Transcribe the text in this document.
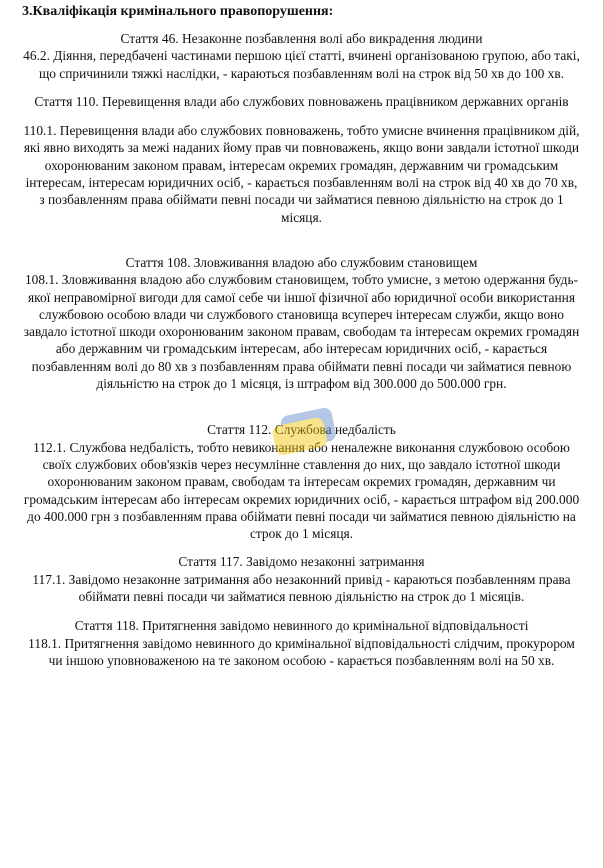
3.Кваліфікація кримінального правопорушення:
Стаття 46. Незаконне позбавлення волі або викрадення людини
46.2. Діяння, передбачені частинами першою цієї статті, вчинені організованою групою, або такі, що спричинили тяжкі наслідки, - караються позбавленням волі на строк від 50 хв до 100 хв.
Стаття 110. Перевищення влади або службових повноважень працівником державних органів
110.1. Перевищення влади або службових повноважень, тобто умисне вчинення працівником дій, які явно виходять за межі наданих йому прав чи повноважень, якщо вони завдали істотної шкоди охоронюваним законом правам, інтересам окремих громадян, державним чи громадським інтересам, інтересам юридичних осіб, - карається позбавленням волі на строк від 40 хв до 70 хв, з позбавленням права обіймати певні посади чи займатися певною діяльністю на строк до 1 місяця.
Стаття 108. Зловживання владою або службовим становищем
108.1. Зловживання владою або службовим становищем, тобто умисне, з метою одержання будь-якої неправомірної вигоди для самої себе чи іншої фізичної або юридичної особи використання службовою особою влади чи службового становища всупереч інтересам служби, якщо воно завдало істотної шкоди охоронюваним законом правам, свободам та інтересам окремих громадян або державним чи громадським інтересам, або інтересам юридичних осіб, - карається позбавленням волі до 80 хв з позбавленням права обіймати певні посади чи займатися певною діяльністю на строк до 1 місяця, із штрафом від 300.000 до 500.000 грн.
Стаття 112. Службова недбалість
112.1. Службова недбалість, тобто невиконання або неналежне виконання службовою особою своїх службових обов'язків через несумлінне ставлення до них, що завдало істотної шкоди охоронюваним законом правам, свободам та інтересам окремих громадян, державним чи громадським інтересам або інтересам окремих юридичних осіб, - карається штрафом від 200.000 до 400.000 грн з позбавленням права обіймати певні посади чи займатися певною діяльністю на строк до 1 місяця.
Стаття 117. Завідомо незаконні затримання
117.1. Завідомо незаконне затримання або незаконний привід - караються позбавленням права обіймати певні посади чи займатися певною діяльністю на строк до 1 місяців.
Стаття 118. Притягнення завідомо невинного до кримінальної відповідальності
118.1. Притягнення завідомо невинного до кримінальної відповідальності слідчим, прокурором чи іншою уповноваженою на те законом особою - карається позбавленням волі на 50 хв.
